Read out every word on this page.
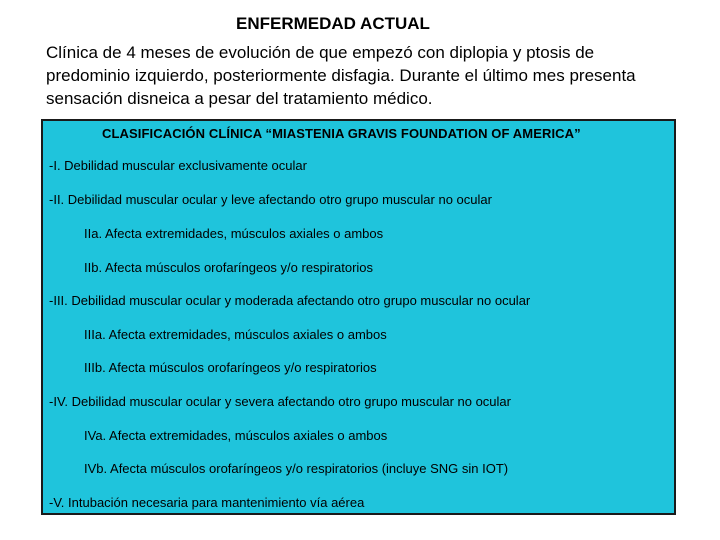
ENFERMEDAD ACTUAL
Clínica de 4 meses de evolución de que empezó con diplopia y ptosis de
predominio izquierdo, posteriormente disfagia. Durante el último mes presenta
sensación disneica a pesar del tratamiento médico.
CLASIFICACIÓN CLÍNICA “MIASTENIA GRAVIS FOUNDATION OF AMERICA”
-I. Debilidad muscular exclusivamente ocular
-II. Debilidad muscular ocular y leve afectando otro grupo muscular no ocular
IIa. Afecta extremidades, músculos axiales o ambos
IIb. Afecta músculos orofaríngeos y/o respiratorios
-III. Debilidad muscular ocular y moderada afectando otro grupo muscular no ocular
IIIa. Afecta extremidades, músculos axiales o ambos
IIIb. Afecta músculos orofaríngeos y/o respiratorios
-IV. Debilidad muscular ocular y severa afectando otro grupo muscular no ocular
IVa. Afecta extremidades, músculos axiales o ambos
IVb. Afecta músculos orofaríngeos y/o respiratorios (incluye SNG sin IOT)
-V. Intubación necesaria para mantenimiento vía aérea
